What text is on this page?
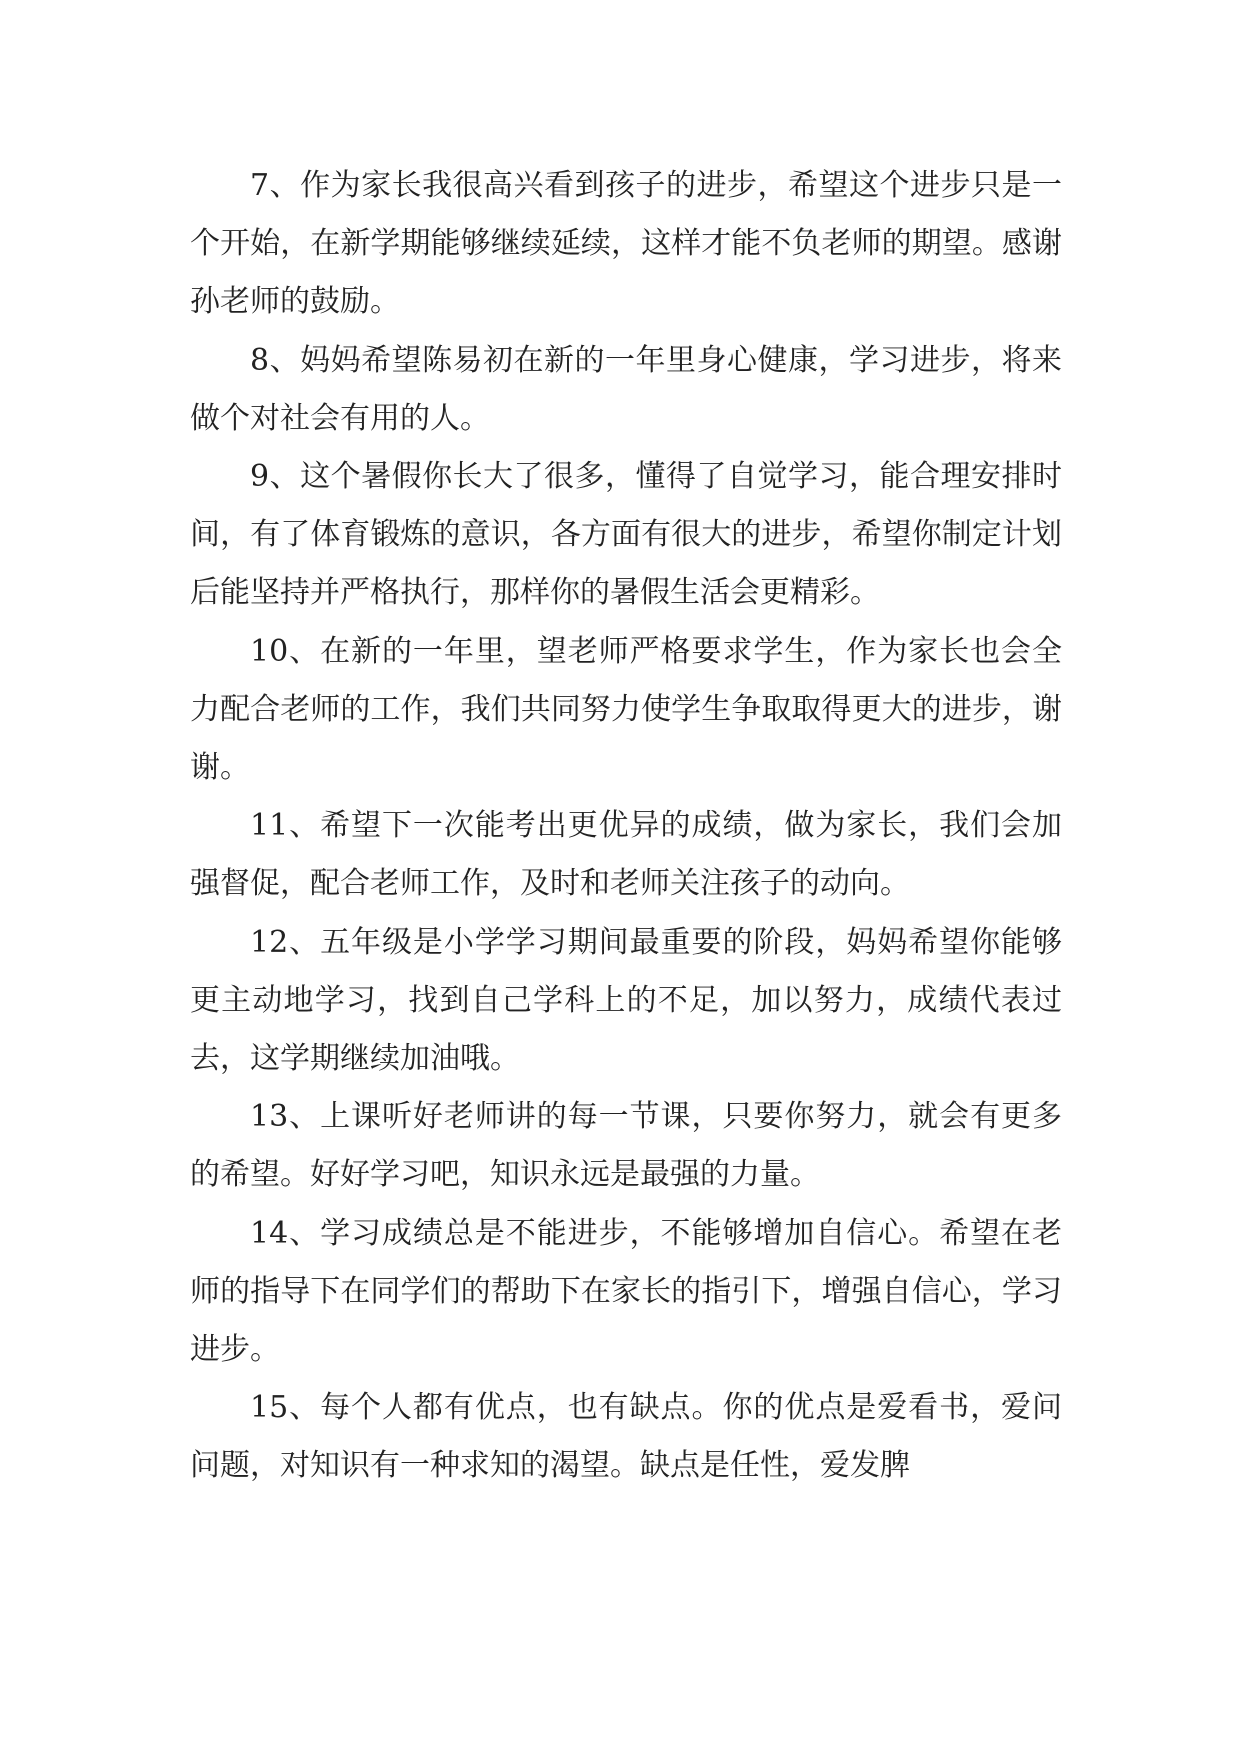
7、作为家长我很高兴看到孩子的进步，希望这个进步只是一个开始，在新学期能够继续延续，这样才能不负老师的期望。感谢孙老师的鼓励。

8、妈妈希望陈易初在新的一年里身心健康，学习进步，将来做个对社会有用的人。

9、这个暑假你长大了很多，懂得了自觉学习，能合理安排时间，有了体育锻炼的意识，各方面有很大的进步，希望你制定计划后能坚持并严格执行，那样你的暑假生活会更精彩。

10、在新的一年里，望老师严格要求学生，作为家长也会全力配合老师的工作，我们共同努力使学生争取取得更大的进步，谢谢。

11、希望下一次能考出更优异的成绩，做为家长，我们会加强督促，配合老师工作，及时和老师关注孩子的动向。

12、五年级是小学学习期间最重要的阶段，妈妈希望你能够更主动地学习，找到自己学科上的不足，加以努力，成绩代表过去，这学期继续加油哦。

13、上课听好老师讲的每一节课，只要你努力，就会有更多的希望。好好学习吧，知识永远是最强的力量。

14、学习成绩总是不能进步，不能够增加自信心。希望在老师的指导下在同学们的帮助下在家长的指引下，增强自信心，学习进步。

15、每个人都有优点，也有缺点。你的优点是爱看书，爱问问题，对知识有一种求知的渴望。缺点是任性，爱发脾
